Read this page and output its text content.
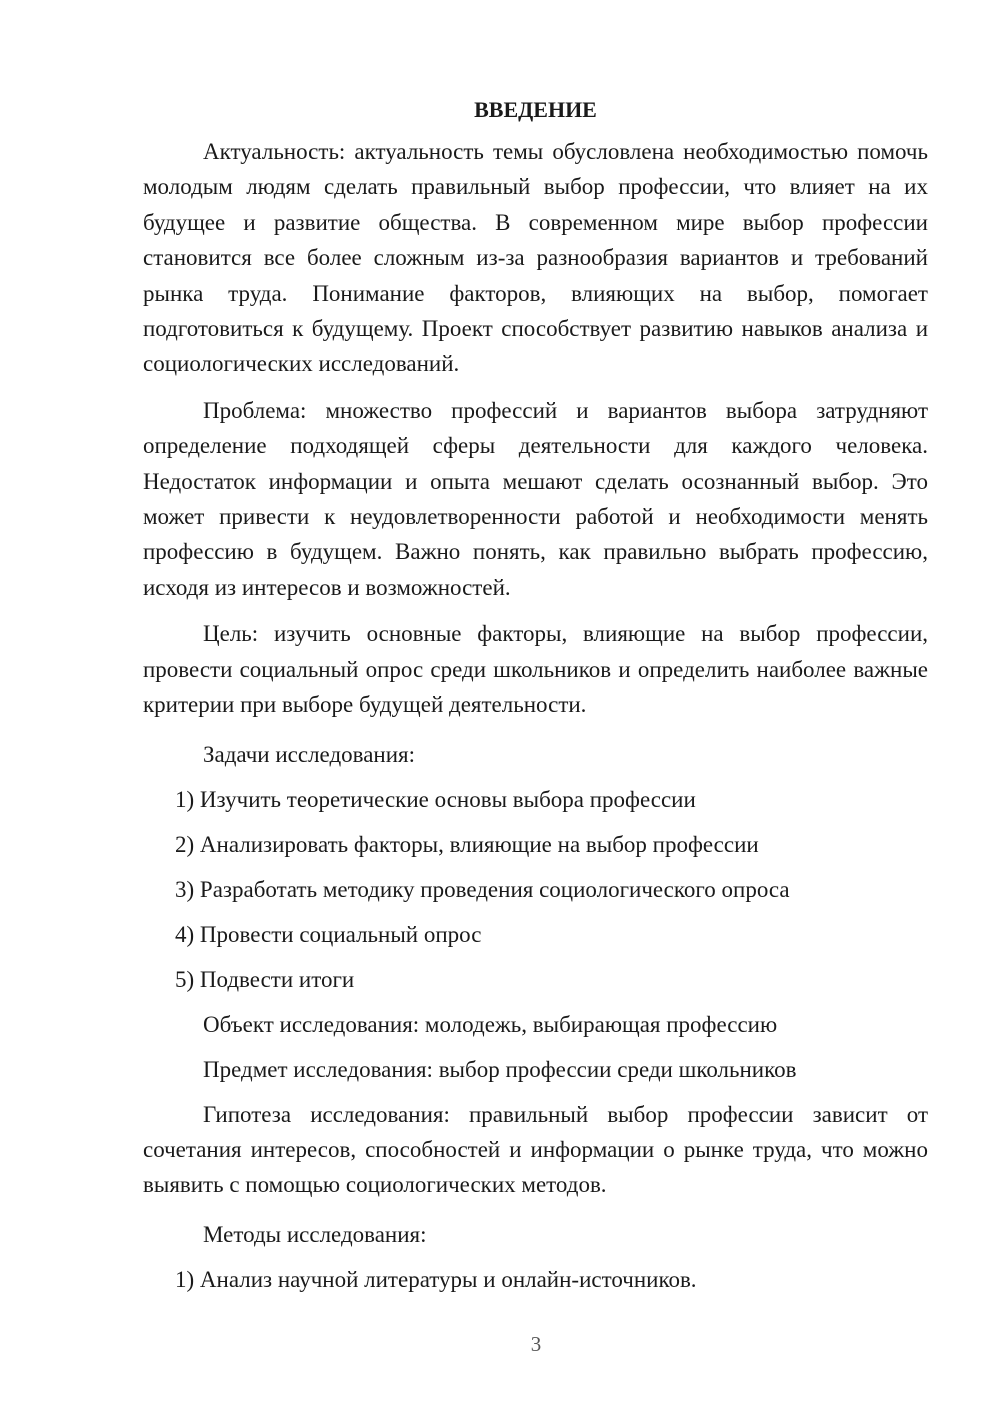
ВВЕДЕНИЕ

Актуальность: актуальность темы обусловлена необходимостью помочь молодым людям сделать правильный выбор профессии, что влияет на их будущее и развитие общества. В современном мире выбор профессии становится все более сложным из-за разнообразия вариантов и требований рынка труда. Понимание факторов, влияющих на выбор, помогает подготовиться к будущему. Проект способствует развитию навыков анализа и социологических исследований.

Проблема: множество профессий и вариантов выбора затрудняют определение подходящей сферы деятельности для каждого человека. Недостаток информации и опыта мешают сделать осознанный выбор. Это может привести к неудовлетворенности работой и необходимости менять профессию в будущем. Важно понять, как правильно выбрать профессию, исходя из интересов и возможностей.

Цель: изучить основные факторы, влияющие на выбор профессии, провести социальный опрос среди школьников и определить наиболее важные критерии при выборе будущей деятельности.

Задачи исследования:
1) Изучить теоретические основы выбора профессии
2) Анализировать факторы, влияющие на выбор профессии
3) Разработать методику проведения социологического опроса
4) Провести социальный опрос
5) Подвести итоги
Объект исследования: молодежь, выбирающая профессию
Предмет исследования: выбор профессии среди школьников

Гипотеза исследования: правильный выбор профессии зависит от сочетания интересов, способностей и информации о рынке труда, что можно выявить с помощью социологических методов.

Методы исследования:
1) Анализ научной литературы и онлайн-источников.
3
